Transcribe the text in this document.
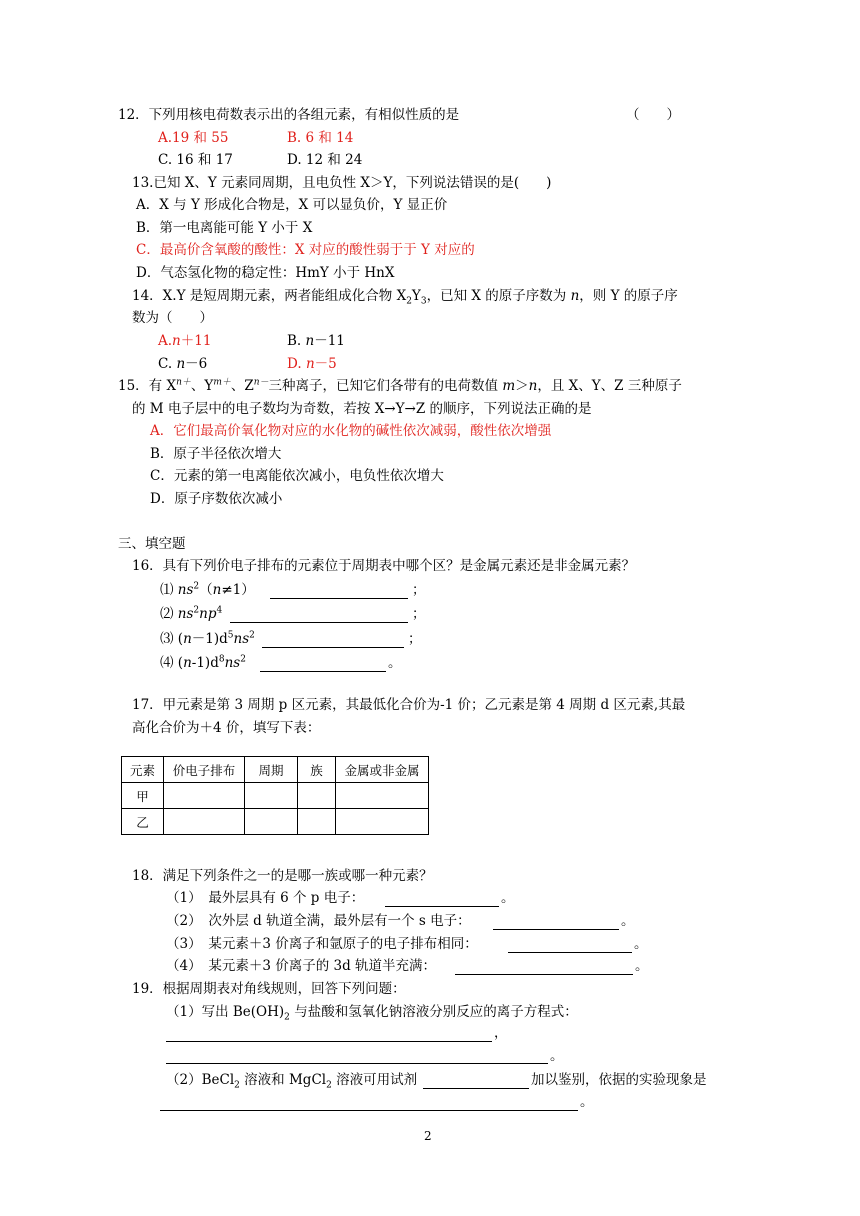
12．下列用核电荷数表示出的各组元素，有相似性质的是	（　　）
A.19 和 55	B. 6 和 14
C. 16 和 17	D. 12 和 24
13.已知 X、Y 元素同周期，且电负性 X＞Y，下列说法错误的是(　　)
A．X 与 Y 形成化合物是，X 可以显负价，Y 显正价
B．第一电离能可能 Y 小于 X
C．最高价含氧酸的酸性：X 对应的酸性弱于于 Y 对应的
D．气态氢化物的稳定性：HmY 小于 HnX
14．X.Y 是短周期元素，两者能组成化合物 $X_2Y_3$，已知 X 的原子序数为 n，则 Y 的原子序
数为（　　）
A.n＋11	B. n－11
C. n－6	D. n－5
15．有 $X^{n+}$、$Y^{m+}$、$Z^{n-}$三种离子，已知它们各带有的电荷数值 m＞n，且 X、Y、Z 三种原子
的 M 电子层中的电子数均为奇数，若按 X→Y→Z 的顺序，下列说法正确的是
A．它们最高价氧化物对应的水化物的碱性依次减弱，酸性依次增强
B．原子半径依次增大
C．元素的第一电离能依次减小，电负性依次增大
D．原子序数依次减小
三、填空题
16．具有下列价电子排布的元素位于周期表中哪个区？是金属元素还是非金属元素？
⑴ $ns^2(n\ne 1)$	；
⑵ $ns^2np^4$	；
⑶ $(n-1)d^5ns^2$	；
⑷ $(n-1)d^8ns^2$	。
17．甲元素是第 3 周期 p 区元素，其最低化合价为-1 价；乙元素是第 4 周期 d 区元素,其最
高化合价为＋4 价，填写下表：
元素	价电子排布	周期	族	金属或非金属
甲				
乙				
18．满足下列条件之一的是哪一族或哪一种元素？
（1）　最外层具有 6 个 p 电子：	。
（2）　次外层 d 轨道全满，最外层有一个 s 电子：	。
（3）　某元素＋3 价离子和氩原子的电子排布相同：	。
（4）　某元素＋3 价离子的 3d 轨道半充满：	。
19．根据周期表对角线规则，回答下列问题：
（1）写出 $Be(OH)_2$ 与盐酸和氢氧化钠溶液分别反应的离子方程式：
，
。
（2）BeCl$_2$ 溶液和 MgCl$_2$ 溶液可用试剂	加以鉴别，依据的实验现象是
。
2
